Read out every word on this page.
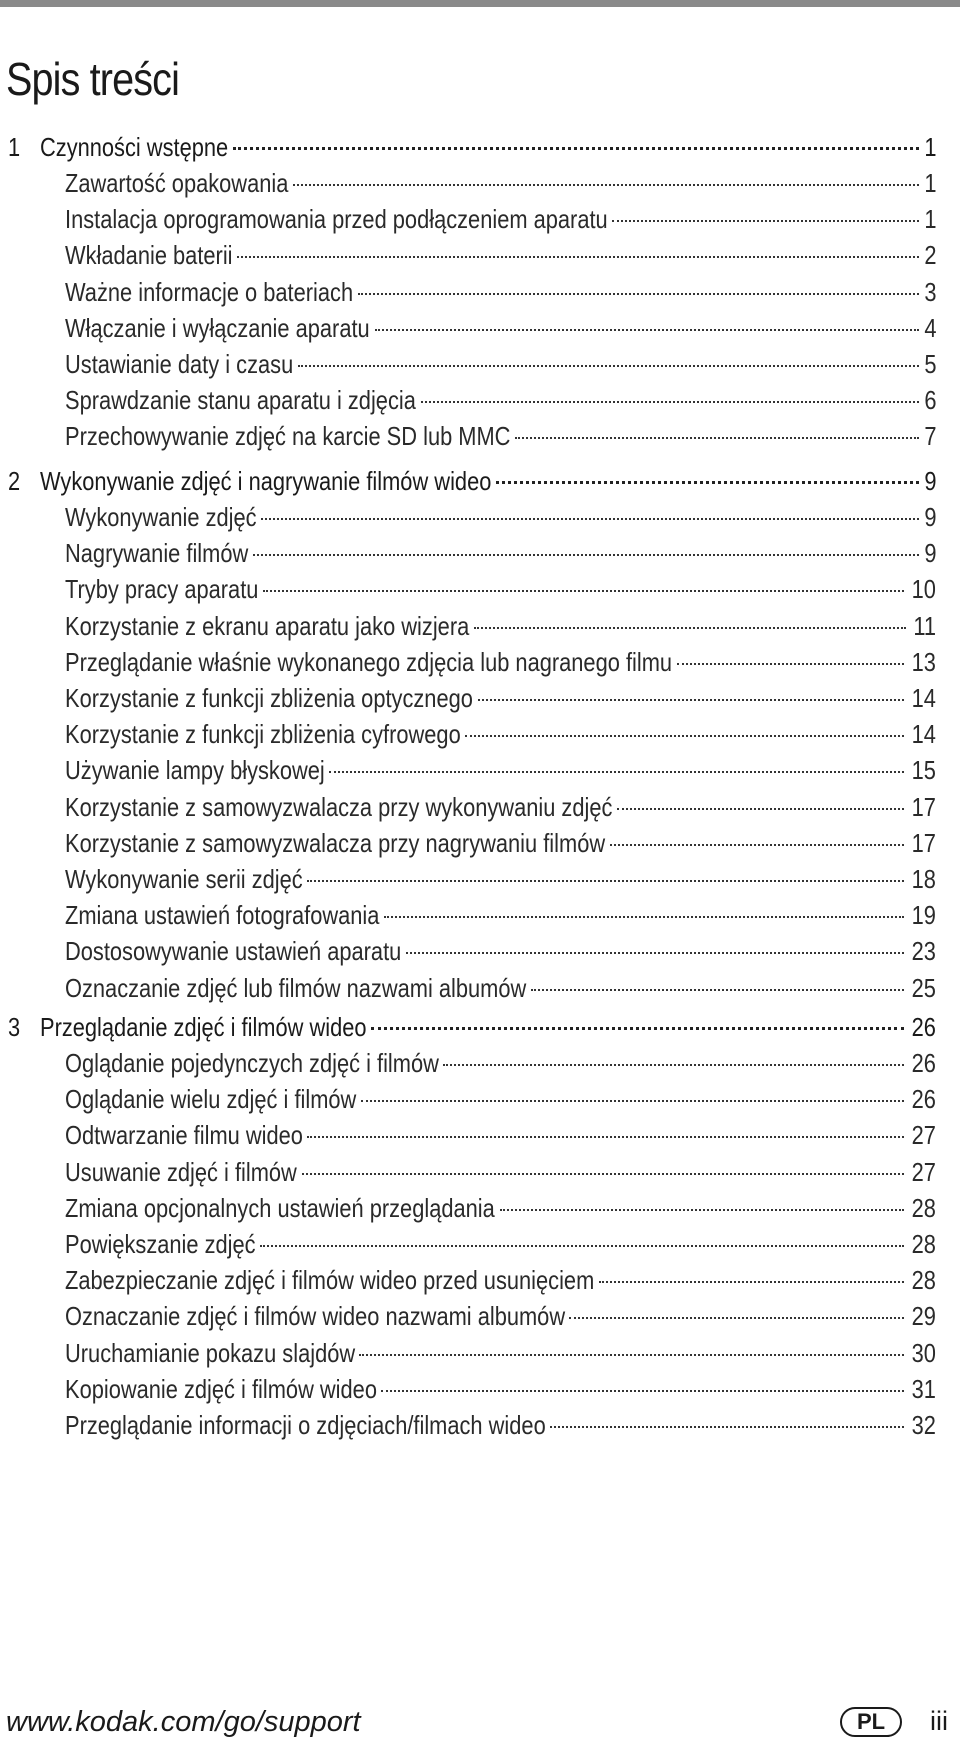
Spis treści
1 Czynności wstępne	1
Zawartość opakowania	1
Instalacja oprogramowania przed podłączeniem aparatu	1
Wkładanie baterii	2
Ważne informacje o bateriach	3
Włączanie i wyłączanie aparatu	4
Ustawianie daty i czasu	5
Sprawdzanie stanu aparatu i zdjęcia	6
Przechowywanie zdjęć na karcie SD lub MMC	7
2 Wykonywanie zdjęć i nagrywanie filmów wideo	9
Wykonywanie zdjęć	9
Nagrywanie filmów	9
Tryby pracy aparatu	10
Korzystanie z ekranu aparatu jako wizjera	11
Przeglądanie właśnie wykonanego zdjęcia lub nagranego filmu	13
Korzystanie z funkcji zbliżenia optycznego	14
Korzystanie z funkcji zbliżenia cyfrowego	14
Używanie lampy błyskowej	15
Korzystanie z samowyzwalacza przy wykonywaniu zdjęć	17
Korzystanie z samowyzwalacza przy nagrywaniu filmów	17
Wykonywanie serii zdjęć	18
Zmiana ustawień fotografowania	19
Dostosowywanie ustawień aparatu	23
Oznaczanie zdjęć lub filmów nazwami albumów	25
3 Przeglądanie zdjęć i filmów wideo	26
Oglądanie pojedynczych zdjęć i filmów	26
Oglądanie wielu zdjęć i filmów	26
Odtwarzanie filmu wideo	27
Usuwanie zdjęć i filmów	27
Zmiana opcjonalnych ustawień przeglądania	28
Powiększanie zdjęć	28
Zabezpieczanie zdjęć i filmów wideo przed usunięciem	28
Oznaczanie zdjęć i filmów wideo nazwami albumów	29
Uruchamianie pokazu slajdów	30
Kopiowanie zdjęć i filmów wideo	31
Przeglądanie informacji o zdjęciach/filmach wideo	32
www.kodak.com/go/support	PL	iii
